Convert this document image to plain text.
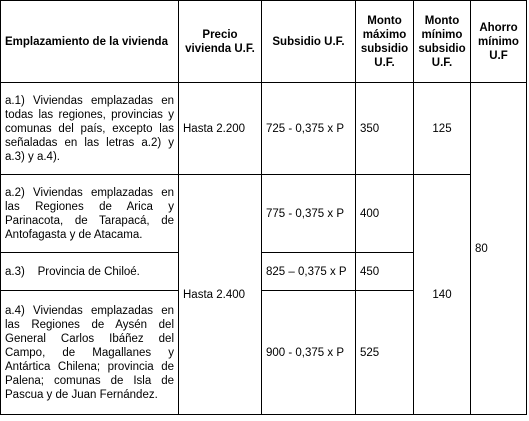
Emplazamiento de la vivienda	Precio vivienda U.F.	Subsidio U.F.	Monto máximo subsidio U.F.	Monto mínimo subsidio U.F.	Ahorro mínimo U.F
a.1) Viviendas emplazadas en todas las regiones, provincias y comunas del país, excepto las señaladas en las letras a.2) y a.3) y a.4).	Hasta 2.200	725 - 0,375 x P	350	125	80
a.2) Viviendas emplazadas en las Regiones de Arica y Parinacota, de Tarapacá, de Antofagasta y de Atacama.	Hasta 2.400	775 - 0,375 x P	400	140	
a.3)    Provincia de Chiloé.		825 – 0,375 x P	450		
a.4) Viviendas emplazadas en las Regiones de Aysén del General Carlos Ibáñez del Campo, de Magallanes y Antártica Chilena; provincia de Palena; comunas de Isla de Pascua y de Juan Fernández.		900 - 0,375 x P	525		
